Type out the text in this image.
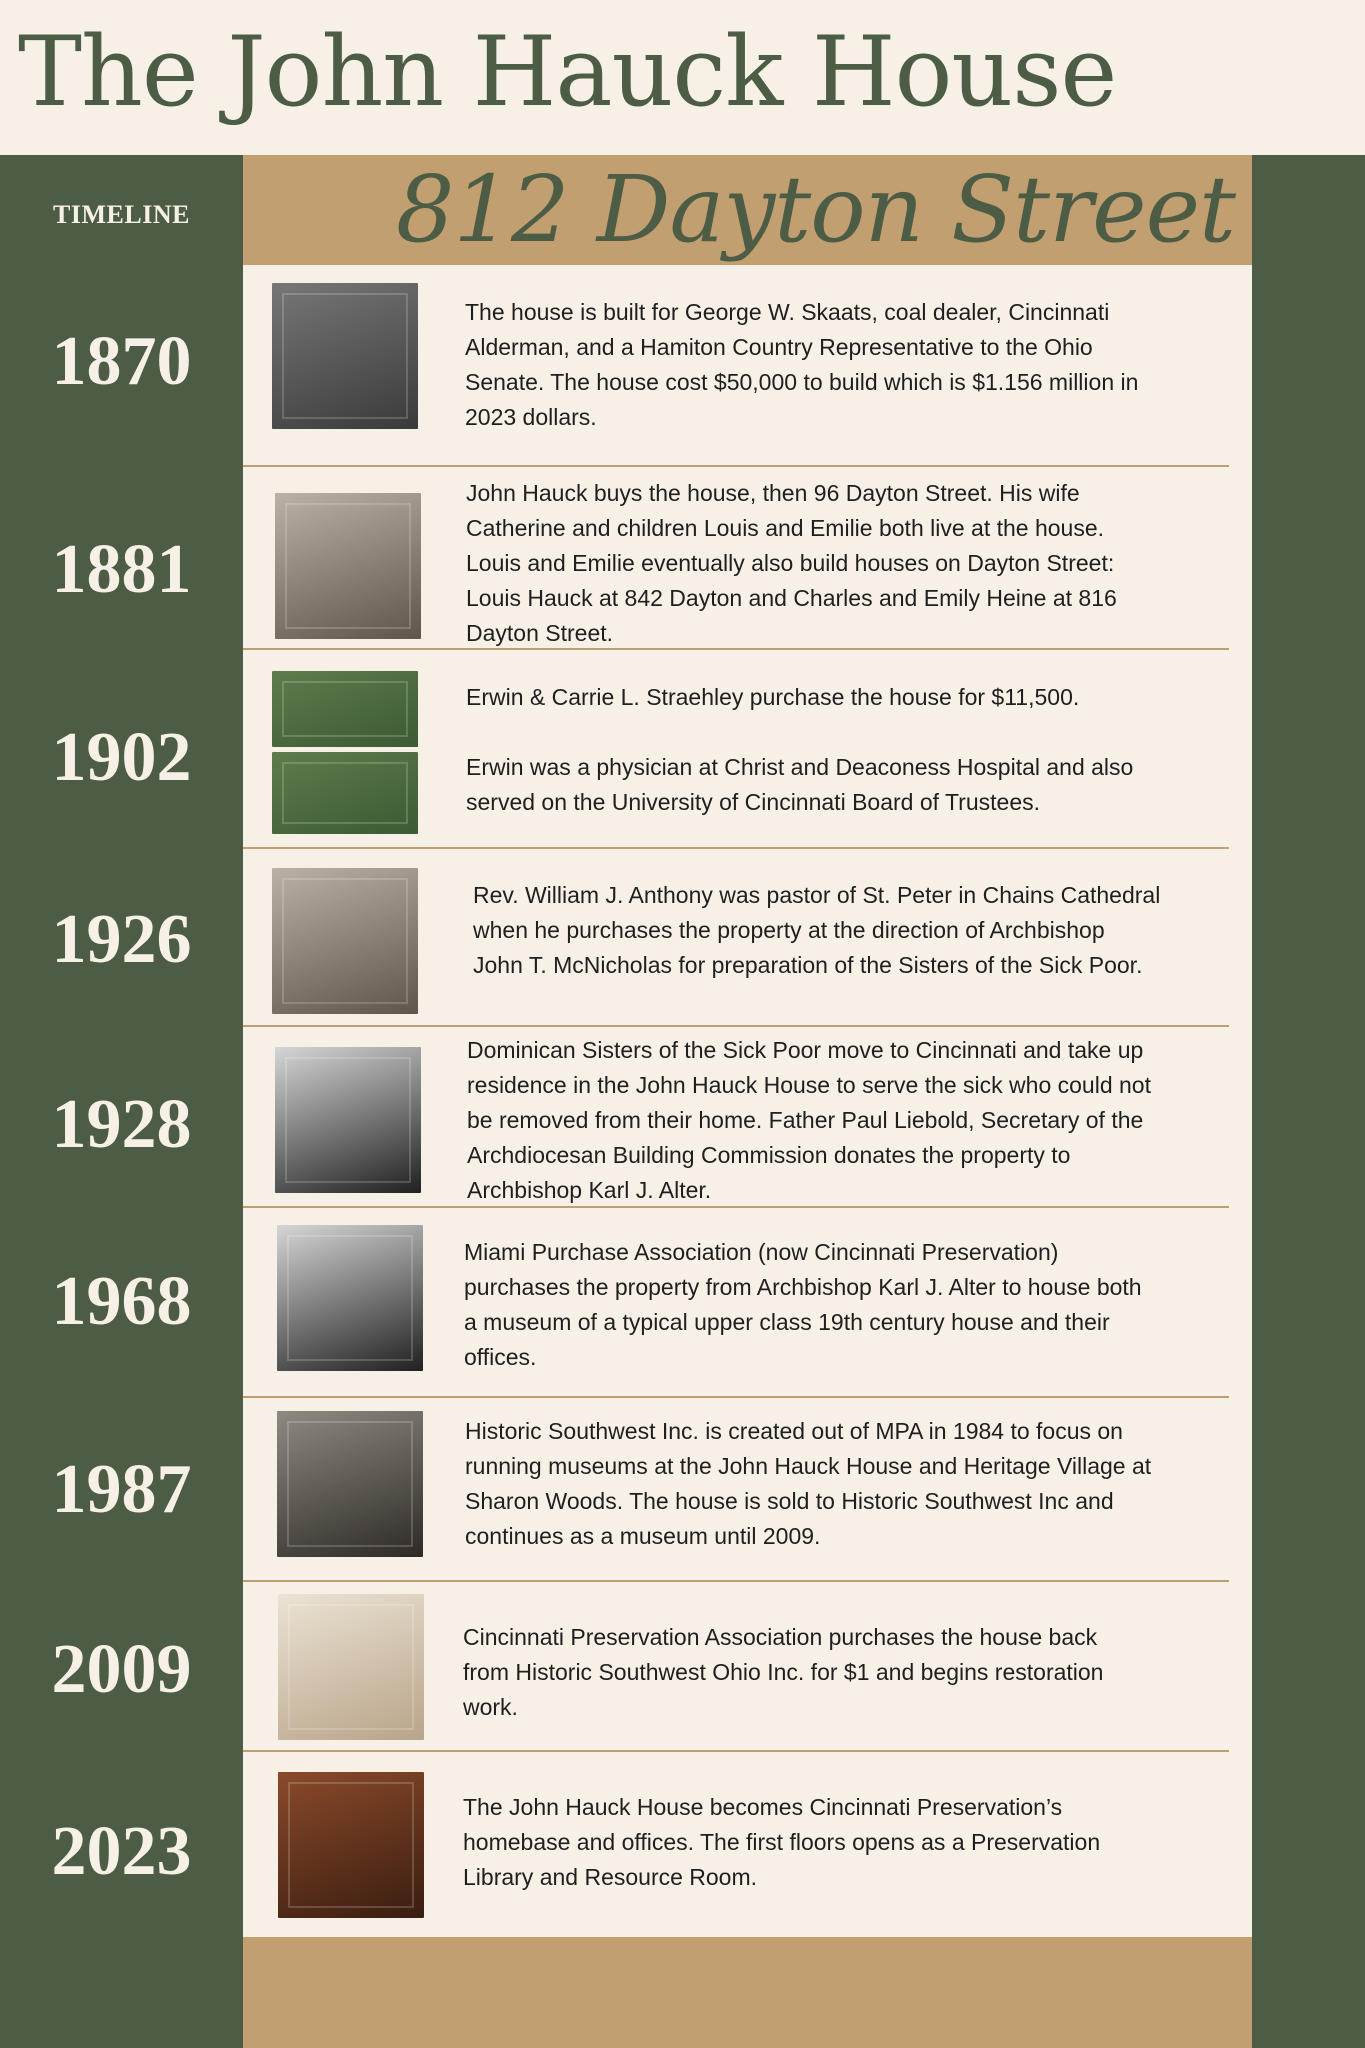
The John Hauck House
812 Dayton Street
TIMELINE
1870
1881
1902
1926
1928
1968
1987
2009
2023
The house is built for George W. Skaats, coal dealer, Cincinnati
Alderman, and a Hamiton Country Representative to the Ohio
Senate. The house cost $50,000 to build which is $1.156 million in
2023 dollars.
John Hauck buys the house, then 96 Dayton Street. His wife
Catherine and children Louis and Emilie both live at the house.
Louis and Emilie eventually also build houses on Dayton Street:
Louis Hauck at 842 Dayton and Charles and Emily Heine at 816
Dayton Street.
Erwin & Carrie L. Straehley purchase the house for $11,500.

Erwin was a physician at Christ and Deaconess Hospital and also
served on the University of Cincinnati Board of Trustees.
Rev. William J. Anthony was pastor of St. Peter in Chains Cathedral
when he purchases the property at the direction of Archbishop
John T. McNicholas for preparation of the Sisters of the Sick Poor.
Dominican Sisters of the Sick Poor move to Cincinnati and take up
residence in the John Hauck House to serve the sick who could not
be removed from their home. Father Paul Liebold, Secretary of the
Archdiocesan Building Commission donates the property to
Archbishop Karl J. Alter.
Miami Purchase Association (now Cincinnati Preservation)
purchases the property from Archbishop Karl J. Alter to house both
a museum of a typical upper class 19th century house and their
offices.
Historic Southwest Inc. is created out of MPA in 1984 to focus on
running museums at the John Hauck House and Heritage Village at
Sharon Woods. The house is sold to Historic Southwest Inc and
continues as a museum until 2009.
Cincinnati Preservation Association purchases the house back
from Historic Southwest Ohio Inc. for $1 and begins restoration
work.
The John Hauck House becomes Cincinnati Preservation’s
homebase and offices. The first floors opens as a Preservation
Library and Resource Room.
